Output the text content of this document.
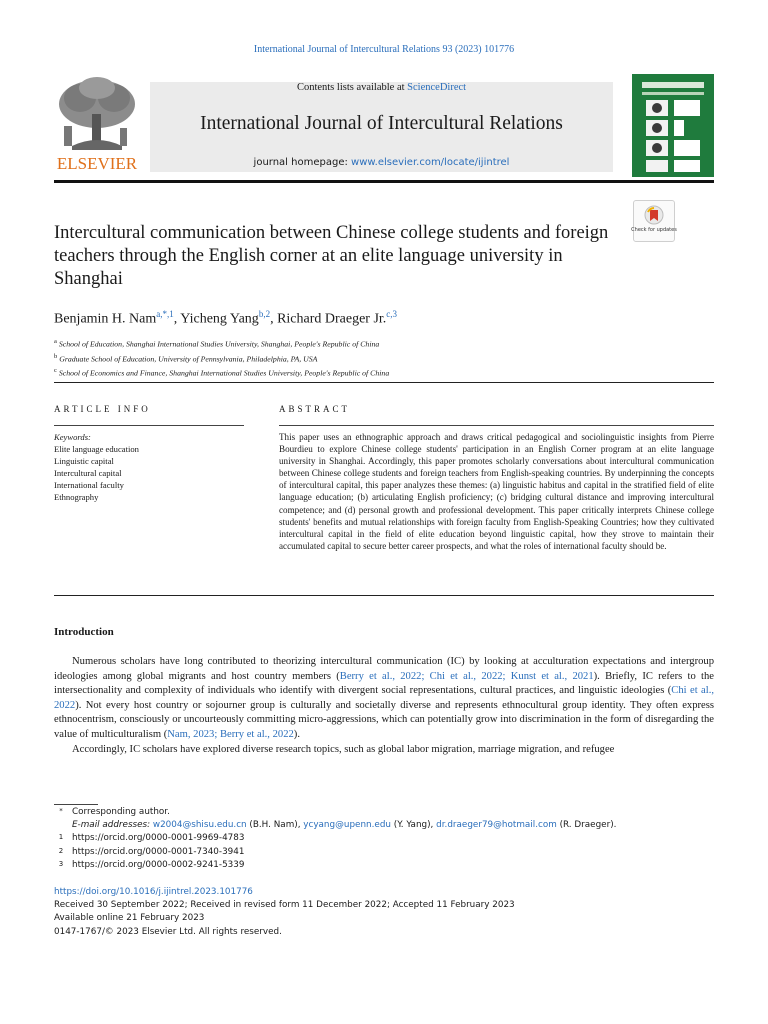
International Journal of Intercultural Relations 93 (2023) 101776
ELSEVIER
Contents lists available at ScienceDirect
International Journal of Intercultural Relations
journal homepage: www.elsevier.com/locate/ijintrel
Check for updates
Intercultural communication between Chinese college students and foreign teachers through the English corner at an elite language university in Shanghai
Benjamin H. Nam$^{a,*,1}$, Yicheng Yang$^{b,2}$, Richard Draeger Jr.$^{c,3}$
$^a$ School of Education, Shanghai International Studies University, Shanghai, People's Republic of China
$^b$ Graduate School of Education, University of Pennsylvania, Philadelphia, PA, USA
$^c$ School of Economics and Finance, Shanghai International Studies University, People's Republic of China
ARTICLE INFO
Keywords:
Elite language education
Linguistic capital
Intercultural capital
International faculty
Ethnography
ABSTRACT
This paper uses an ethnographic approach and draws critical pedagogical and sociolinguistic insights from Pierre Bourdieu to explore Chinese college students' participation in an English Corner program at an elite language university in Shanghai. Accordingly, this paper promotes scholarly conversations about intercultural communication between Chinese college students and foreign teachers from English-speaking countries. By underpinning the concepts of intercultural capital, this paper analyzes these themes: (a) linguistic habitus and capital in the stratified field of elite language education; (b) articulating English proficiency; (c) bridging cultural distance and improving intercultural competence; and (d) personal growth and professional development. This paper critically interprets Chinese college students' benefits and mutual relationships with foreign faculty from English-Speaking Countries; how they cultivated intercultural capital in the field of elite education beyond linguistic capital, how they strove to maintain their accumulated capital to secure better career prospects, and what the roles of international faculty should be.
Introduction

Numerous scholars have long contributed to theorizing intercultural communication (IC) by looking at acculturation expectations and intergroup ideologies among global migrants and host country members (Berry et al., 2022; Chi et al., 2022; Kunst et al., 2021). Briefly, IC refers to the intersectionality and complexity of individuals who identify with divergent social representations, cultural practices, and linguistic ideologies (Chi et al., 2022). Not every host country or sojourner group is culturally and societally diverse and represents ethnocultural group identity. They often express ethnocentrism, consciously or uncourteously committing micro-aggressions, which can potentially grow into discrimination in the form of disregarding the value of multiculturalism (Nam, 2023; Berry et al., 2022).

Accordingly, IC scholars have explored diverse research topics, such as global labor migration, marriage migration, and refugee

*	Corresponding author.
E-mail addresses: w2004@shisu.edu.cn (B.H. Nam), ycyang@upenn.edu (Y. Yang), dr.draeger79@hotmail.com (R. Draeger).
1 https://orcid.org/0000-0001-9969-4783
2 https://orcid.org/0000-0001-7340-3941
3 https://orcid.org/0000-0002-9241-5339
https://doi.org/10.1016/j.ijintrel.2023.101776
Received 30 September 2022; Received in revised form 11 December 2022; Accepted 11 February 2023
Available online 21 February 2023
0147-1767/© 2023 Elsevier Ltd. All rights reserved.
